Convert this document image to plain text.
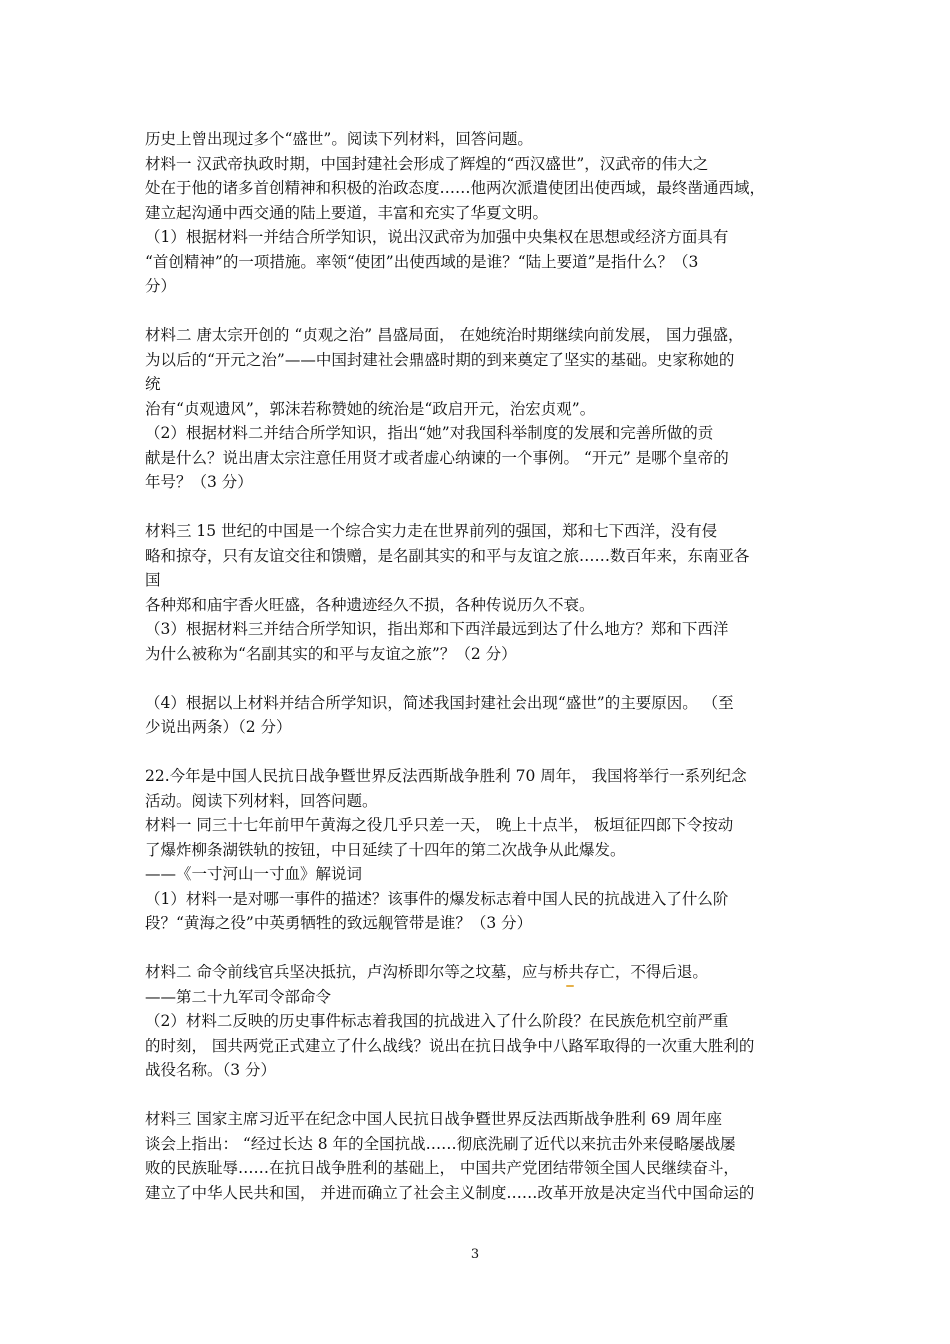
历史上曾出现过多个“盛世”。阅读下列材料，回答问题。
材料一 汉武帝执政时期，中国封建社会形成了辉煌的“西汉盛世”，汉武帝的伟大之
处在于他的诸多首创精神和积极的治政态度……他两次派遣使团出使西域，最终凿通西域，
建立起沟通中西交通的陆上要道，丰富和充实了华夏文明。
（1）根据材料一并结合所学知识，说出汉武帝为加强中央集权在思想或经济方面具有
“首创精神”的一项措施。率领“使团”出使西域的是谁？“陆上要道”是指什么？（3
分）
材料二 唐太宗开创的 “贞观之治” 昌盛局面， 在她统治时期继续向前发展， 国力强盛，
为以后的“开元之治”——中国封建社会鼎盛时期的到来奠定了坚实的基础。史家称她的
统
治有“贞观遗风”，郭沫若称赞她的统治是“政启开元，治宏贞观”。
（2）根据材料二并结合所学知识，指出“她”对我国科举制度的发展和完善所做的贡
献是什么？说出唐太宗注意任用贤才或者虚心纳谏的一个事例。 “开元” 是哪个皇帝的
年号？（3 分）
材料三 15 世纪的中国是一个综合实力走在世界前列的强国，郑和七下西洋，没有侵
略和掠夺，只有友谊交往和馈赠，是名副其实的和平与友谊之旅……数百年来，东南亚各
国
各种郑和庙宇香火旺盛，各种遗迹经久不损，各种传说历久不衰。
（3）根据材料三并结合所学知识，指出郑和下西洋最远到达了什么地方？郑和下西洋
为什么被称为“名副其实的和平与友谊之旅”？（2 分）
（4）根据以上材料并结合所学知识，简述我国封建社会出现“盛世”的主要原因。 （至
少说出两条）（2 分）
22.今年是中国人民抗日战争暨世界反法西斯战争胜利 70 周年， 我国将举行一系列纪念
活动。阅读下列材料，回答问题。
材料一 同三十七年前甲午黄海之役几乎只差一天， 晚上十点半， 板垣征四郎下令按动
了爆炸柳条湖铁轨的按钮，中日延续了十四年的第二次战争从此爆发。
——《一寸河山一寸血》解说词
（1）材料一是对哪一事件的描述？该事件的爆发标志着中国人民的抗战进入了什么阶
段？“黄海之役”中英勇牺牲的致远舰管带是谁？（3 分）
材料二 命令前线官兵坚决抵抗，卢沟桥即尔等之坟墓，应与桥共存亡，不得后退。
——第二十九军司令部命令
（2）材料二反映的历史事件标志着我国的抗战进入了什么阶段？在民族危机空前严重
的时刻， 国共两党正式建立了什么战线？说出在抗日战争中八路军取得的一次重大胜利的
战役名称。（3 分）
材料三 国家主席习近平在纪念中国人民抗日战争暨世界反法西斯战争胜利 69 周年座
谈会上指出： “经过长达 8 年的全国抗战……彻底洗刷了近代以来抗击外来侵略屡战屡
败的民族耻辱……在抗日战争胜利的基础上， 中国共产党团结带领全国人民继续奋斗，
建立了中华人民共和国， 并进而确立了社会主义制度……改革开放是决定当代中国命运的
3
